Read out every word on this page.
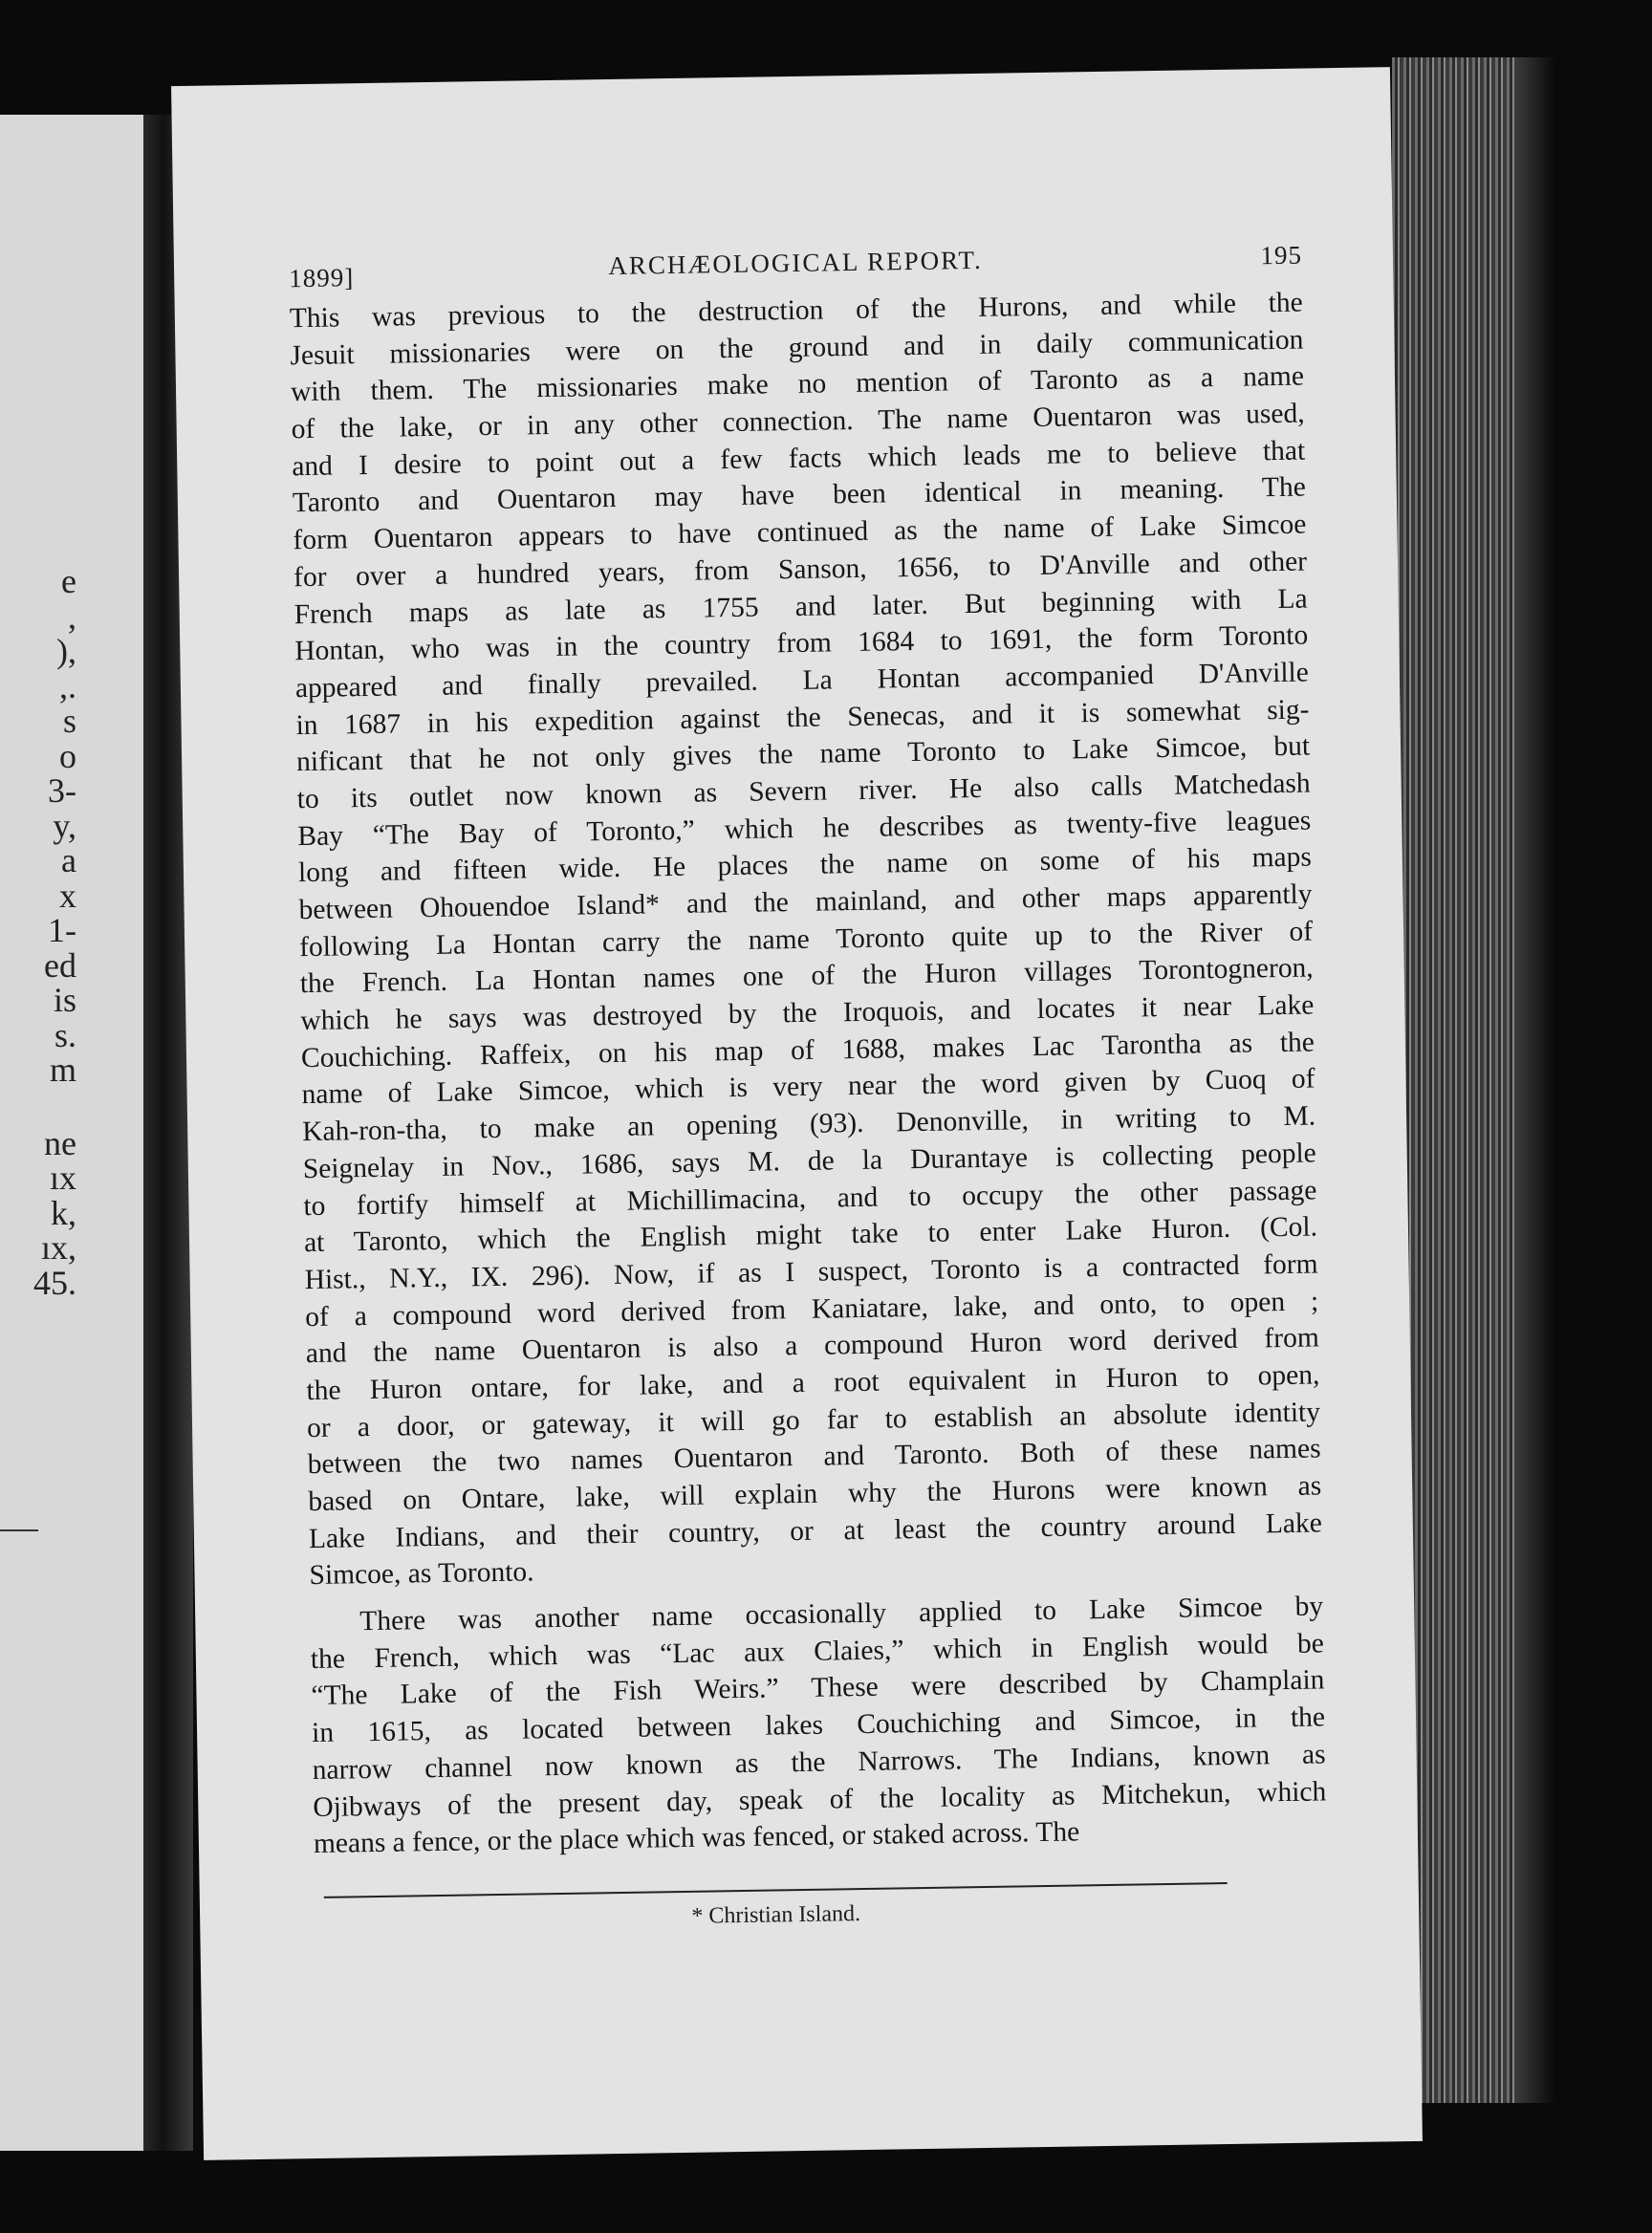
e
,
),
,.
s
o
3-
y,
a
x
1-
ed
is
s.
m
ne
ıx
k,
ıx,
45.
1899]	ARCHÆOLOGICAL REPORT.	195
This was previous to the destruction of the Hurons, and while the
Jesuit missionaries were on the ground and in daily communication
with them. The missionaries make no mention of Taronto as a name
of the lake, or in any other connection. The name Ouentaron was used,
and I desire to point out a few facts which leads me to believe that
Taronto and Ouentaron may have been identical in meaning. The
form Ouentaron appears to have continued as the name of Lake Simcoe
for over a hundred years, from Sanson, 1656, to D'Anville and other
French maps as late as 1755 and later. But beginning with La
Hontan, who was in the country from 1684 to 1691, the form Toronto
appeared and finally prevailed. La Hontan accompanied D'Anville
in 1687 in his expedition against the Senecas, and it is somewhat sig-
nificant that he not only gives the name Toronto to Lake Simcoe, but
to its outlet now known as Severn river. He also calls Matchedash
Bay “The Bay of Toronto,” which he describes as twenty-five leagues
long and fifteen wide. He places the name on some of his maps
between Ohouendoe Island* and the mainland, and other maps apparently
following La Hontan carry the name Toronto quite up to the River of
the French. La Hontan names one of the Huron villages Torontogneron,
which he says was destroyed by the Iroquois, and locates it near Lake
Couchiching. Raffeix, on his map of 1688, makes Lac Tarontha as the
name of Lake Simcoe, which is very near the word given by Cuoq of
Kah-ron-tha, to make an opening (93). Denonville, in writing to M.
Seignelay in Nov., 1686, says M. de la Durantaye is collecting people
to fortify himself at Michillimacina, and to occupy the other passage
at Taronto, which the English might take to enter Lake Huron. (Col.
Hist., N.Y., IX. 296). Now, if as I suspect, Toronto is a contracted form
of a compound word derived from Kaniatare, lake, and onto, to open ;
and the name Ouentaron is also a compound Huron word derived from
the Huron ontare, for lake, and a root equivalent in Huron to open,
or a door, or gateway, it will go far to establish an absolute identity
between the two names Ouentaron and Taronto. Both of these names
based on Ontare, lake, will explain why the Hurons were known as
Lake Indians, and their country, or at least the country around Lake
Simcoe, as Toronto.
There was another name occasionally applied to Lake Simcoe by
the French, which was “Lac aux Claies,” which in English would be
“The Lake of the Fish Weirs.” These were described by Champlain
in 1615, as located between lakes Couchiching and Simcoe, in the
narrow channel now known as the Narrows. The Indians, known as
Ojibways of the present day, speak of the locality as Mitchekun, which
means a fence, or the place which was fenced, or staked across. The
* Christian Island.
